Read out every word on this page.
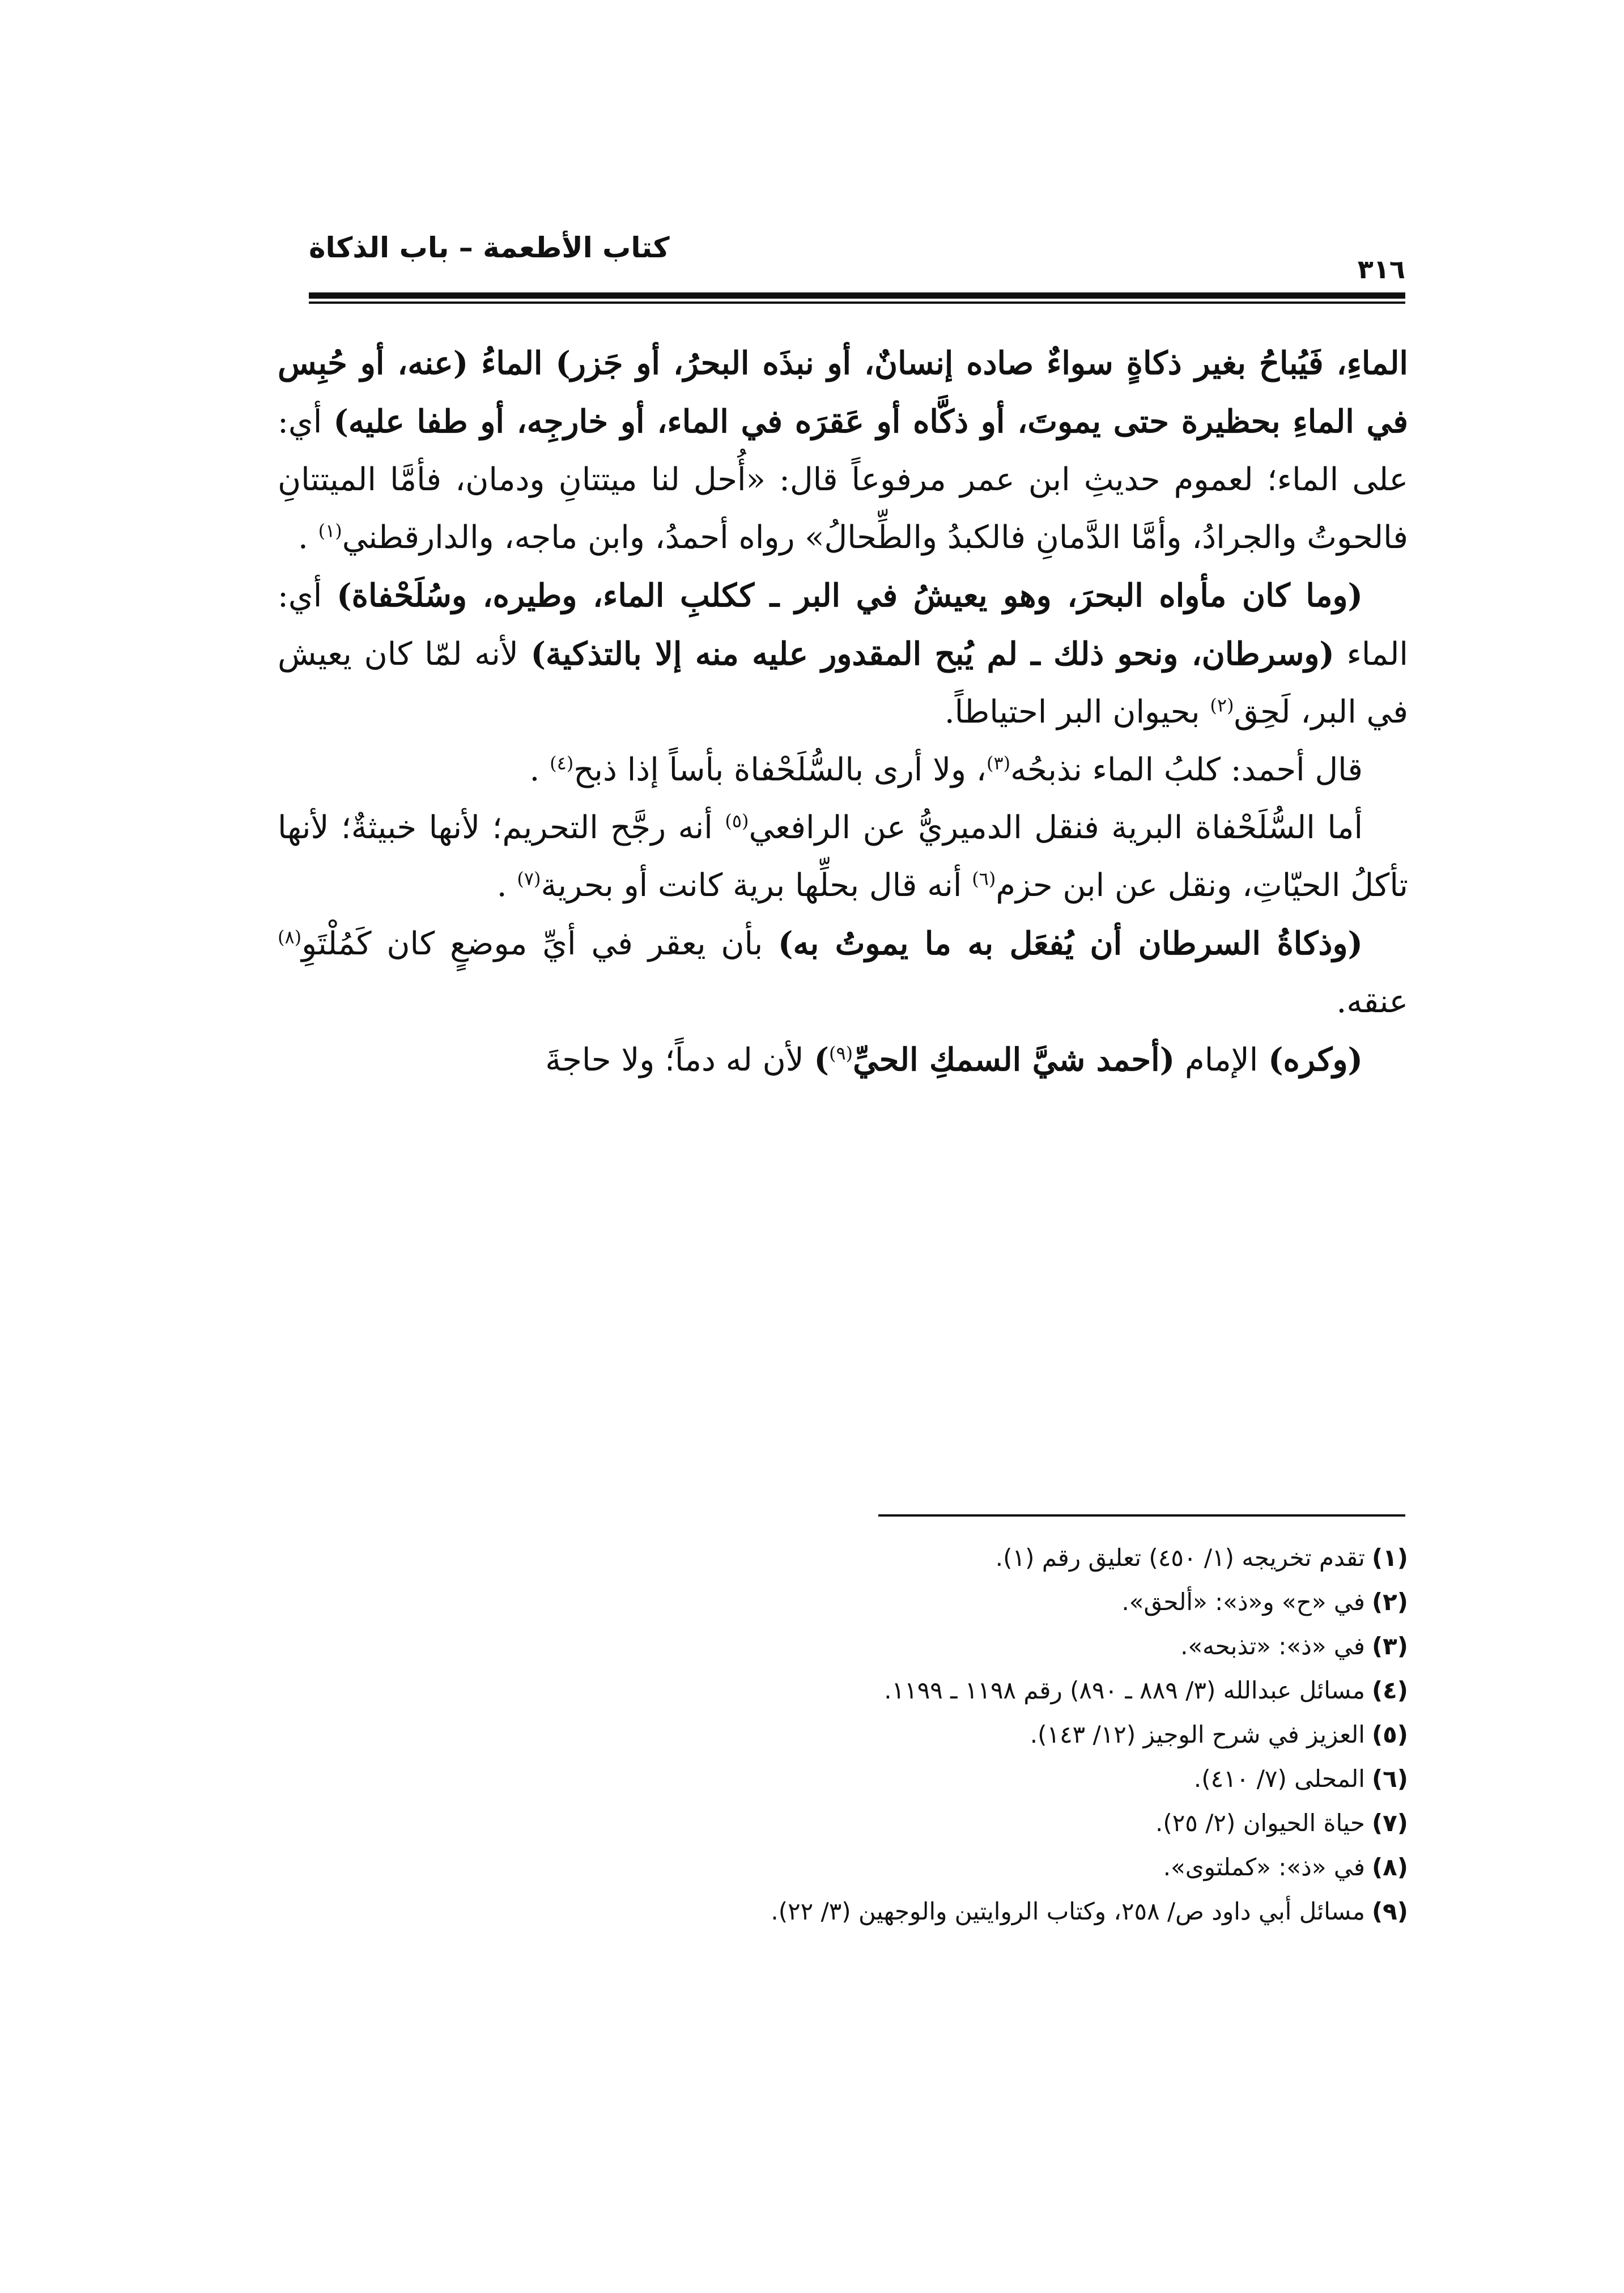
كتاب الأطعمة – باب الذكاة
٣١٦

الماءِ، فَيُباحُ بغير ذكاةٍ سواءٌ صاده إنسانٌ، أو نبذَه البحرُ، أو جَزر) الماءُ (عنه، أو حُبِس في الماءِ بحظيرة حتى يموتَ، أو ذكَّاه أو عَقرَه في الماء، أو خارجِه، أو طفا عليه) أي: على الماء؛ لعموم حديثِ ابن عمر مرفوعاً قال: «أُحل لنا ميتتانِ ودمان، فأمَّا الميتتانِ فالحوتُ والجرادُ، وأمَّا الدَّمانِ فالكبدُ والطِّحالُ» رواه أحمدُ، وابن ماجه، والدارقطني$^{(١)}$ .

(وما كان مأواه البحرَ، وهو يعيشُ في البر ـ ككلبِ الماء، وطيره، وسُلَحْفاة) أي: الماء (وسرطان، ونحو ذلك ـ لم يُبح المقدور عليه منه إلا بالتذكية) لأنه لمّا كان يعيش في البر، لَحِق$^{(٢)}$ بحيوان البر احتياطاً.

قال أحمد: كلبُ الماء نذبحُه$^{(٣)}$، ولا أرى بالسُّلَحْفاة بأساً إذا ذبح$^{(٤)}$ .

أما السُّلَحْفاة البرية فنقل الدميريُّ عن الرافعي$^{(٥)}$ أنه رجَّح التحريم؛ لأنها خبيثةٌ؛ لأنها تأكلُ الحيّاتِ، ونقل عن ابن حزم$^{(٦)}$ أنه قال بحلِّها برية كانت أو بحرية$^{(٧)}$ .

(وذكاةُ السرطان أن يُفعَل به ما يموتُ به) بأن يعقر في أيِّ موضعٍ كان كَمُلْتَوِ$^{(٨)}$ عنقه.

(وكره) الإمام (أحمد شيَّ السمكِ الحيِّ$^{(٩)}$) لأن له دماً؛ ولا حاجةَ

(١)تقدم تخريجه (١/ ٤٥٠) تعليق رقم (١).
(٢)في «ح» و«ذ»: «ألحق».
(٣)في «ذ»: «تذبحه».
(٤)مسائل عبدالله (٣/ ٨٨٩ ـ ٨٩٠) رقم ١١٩٨ ـ ١١٩٩.
(٥)العزيز في شرح الوجيز (١٢/ ١٤٣).
(٦)المحلى (٧/ ٤١٠).
(٧)حياة الحيوان (٢/ ٢٥).
(٨)في «ذ»: «كملتوى».
(٩)مسائل أبي داود ص/ ٢٥٨، وكتاب الروايتين والوجهين (٣/ ٢٢).
